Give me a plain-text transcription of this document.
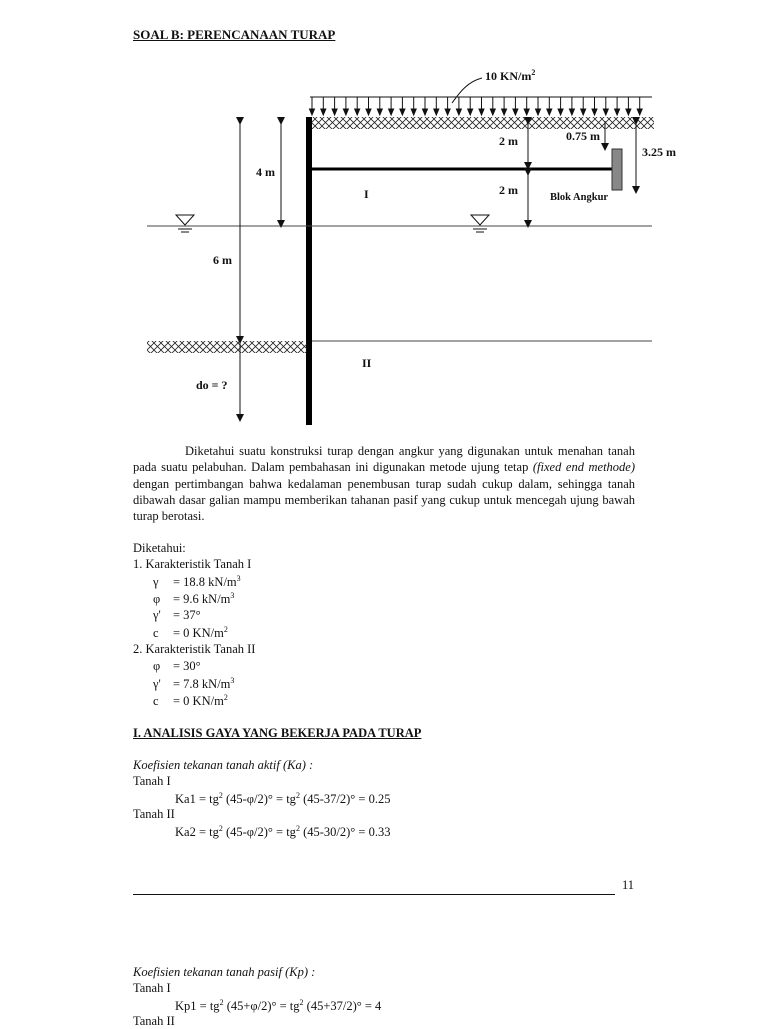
SOAL B: PERENCANAAN TURAP
10 $KN/m^2$
4 m
6 m
do = ?
2 m
2 m
0.75 m
3.25 m
I
II
Blok Angkur

Diketahui suatu konstruksi turap dengan angkur yang digunakan untuk menahan tanah pada suatu pelabuhan. Dalam pembahasan ini digunakan metode ujung tetap (fixed end methode) dengan pertimbangan bahwa kedalaman penembusan turap sudah cukup dalam, sehingga tanah dibawah dasar galian mampu memberikan tahanan pasif yang cukup untuk mencegah ujung bawah turap berotasi.

Diketahui:
1. Karakteristik Tanah I
γ = 18.8 $kN/m^3$
φ = 9.6 $kN/m^3$
γ' = 37°
c = 0 $KN/m^2$
2. Karakteristik Tanah II
φ = 30°
γ' = 7.8 $kN/m^3$
c = 0 $KN/m^2$
I. ANALISIS GAYA YANG BEKERJA PADA TURAP
Koefisien tekanan tanah aktif (Ka) :
Tanah I
$Ka1 = tg^2$ $(45-\varphi/2)^\circ = tg^2$ (45-37/2)° = 0.25
Tanah II
$Ka2 = tg^2$ $(45-\varphi/2)^\circ = tg^2$ (45-30/2)° = 0.33
11
Koefisien tekanan tanah pasif (Kp) :
Tanah I
$Kp1 = tg^2$ $(45+\varphi/2)^\circ = tg^2$ (45+37/2)° = 4
Tanah II
